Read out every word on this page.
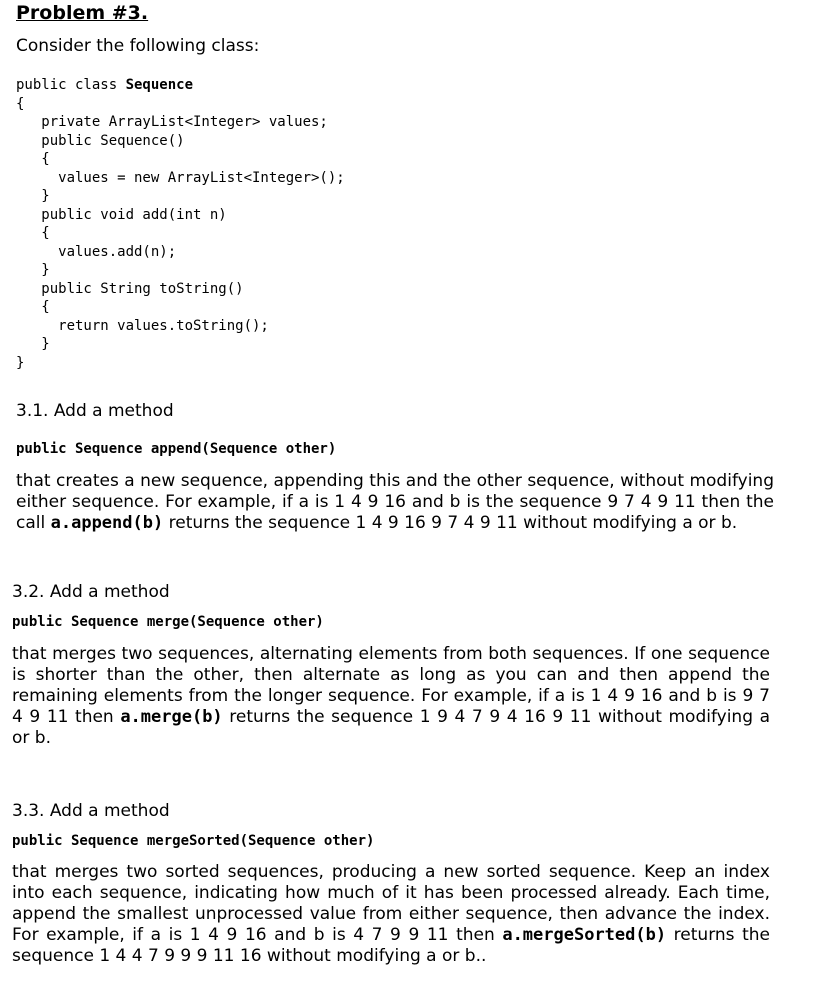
Problem #3.
Consider the following class:
public class Sequence
{
private ArrayList<Integer> values;
public Sequence()
{
values = new ArrayList<Integer>();
}
public void add(int n)
{
values.add(n);
}
public String toString()
{
return values.toString();
}
}
3.1. Add a method
public Sequence append(Sequence other)

that creates a new sequence, appending this and the other sequence, without modifying either sequence. For example, if a is 1 4 9 16 and b is the sequence 9 7 4 9 11 then the call a.append(b) returns the sequence 1 4 9 16 9 7 4 9 11 without modifying a or b.

3.2. Add a method
public Sequence merge(Sequence other)

that merges two sequences, alternating elements from both sequences. If one sequence is shorter than the other, then alternate as long as you can and then append the remaining elements from the longer sequence. For example, if a is 1 4 9 16 and b is 9 7 4 9 11 then a.merge(b) returns the sequence 1 9 4 7 9 4 16 9 11 without modifying a or b.

3.3. Add a method
public Sequence mergeSorted(Sequence other)

that merges two sorted sequences, producing a new sorted sequence. Keep an index into each sequence, indicating how much of it has been processed already. Each time, append the smallest unprocessed value from either sequence, then advance the index. For example, if a is 1 4 9 16 and b is 4 7 9 9 11 then a.mergeSorted(b) returns the sequence 1 4 4 7 9 9 9 11 16 without modifying a or b..
